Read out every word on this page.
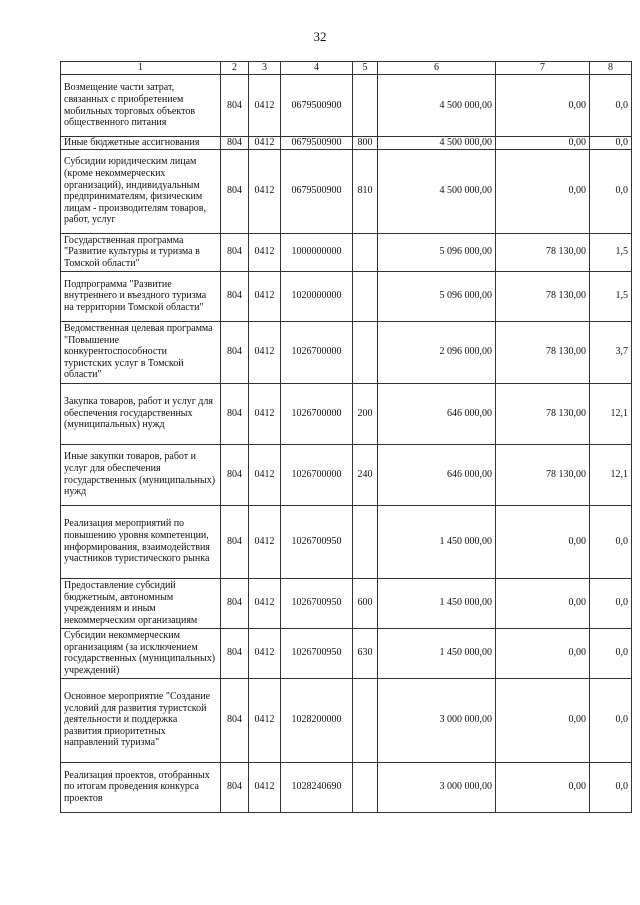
32
1	2	3	4	5	6	7	8
Возмещение части затрат, связанных с приобретением мобильных торговых объектов общественного питания	804	0412	0679500900		4 500 000,00	0,00	0,0
Иные бюджетные ассигнования	804	0412	0679500900	800	4 500 000,00	0,00	0,0
Субсидии юридическим лицам (кроме некоммерческих организаций), индивидуальным предпринимателям, физическим лицам - производителям товаров, работ, услуг	804	0412	0679500900	810	4 500 000,00	0,00	0,0
Государственная программа "Развитие культуры и туризма в Томской области"	804	0412	1000000000		5 096 000,00	78 130,00	1,5
Подпрограмма "Развитие внутреннего и въездного туризма на территории Томской области"	804	0412	1020000000		5 096 000,00	78 130,00	1,5
Ведомственная целевая программа "Повышение конкурентоспособности туристских услуг в Томской области"	804	0412	1026700000		2 096 000,00	78 130,00	3,7
Закупка товаров, работ и услуг для обеспечения государственных (муниципальных) нужд	804	0412	1026700000	200	646 000,00	78 130,00	12,1
Иные закупки товаров, работ и услуг для обеспечения государственных (муниципальных) нужд	804	0412	1026700000	240	646 000,00	78 130,00	12,1
Реализация мероприятий по повышению уровня компетенции, информирования, взаимодействия участников туристического рынка	804	0412	1026700950		1 450 000,00	0,00	0,0
Предоставление субсидий бюджетным, автономным учреждениям и иным некоммерческим организациям	804	0412	1026700950	600	1 450 000,00	0,00	0,0
Субсидии некоммерческим организациям (за исключением государственных (муниципальных) учреждений)	804	0412	1026700950	630	1 450 000,00	0,00	0,0
Основное мероприятие "Создание условий для развития туристской деятельности и поддержка развития приоритетных направлений туризма"	804	0412	1028200000		3 000 000,00	0,00	0,0
Реализация проектов, отобранных по итогам проведения конкурса проектов	804	0412	1028240690		3 000 000,00	0,00	0,0
